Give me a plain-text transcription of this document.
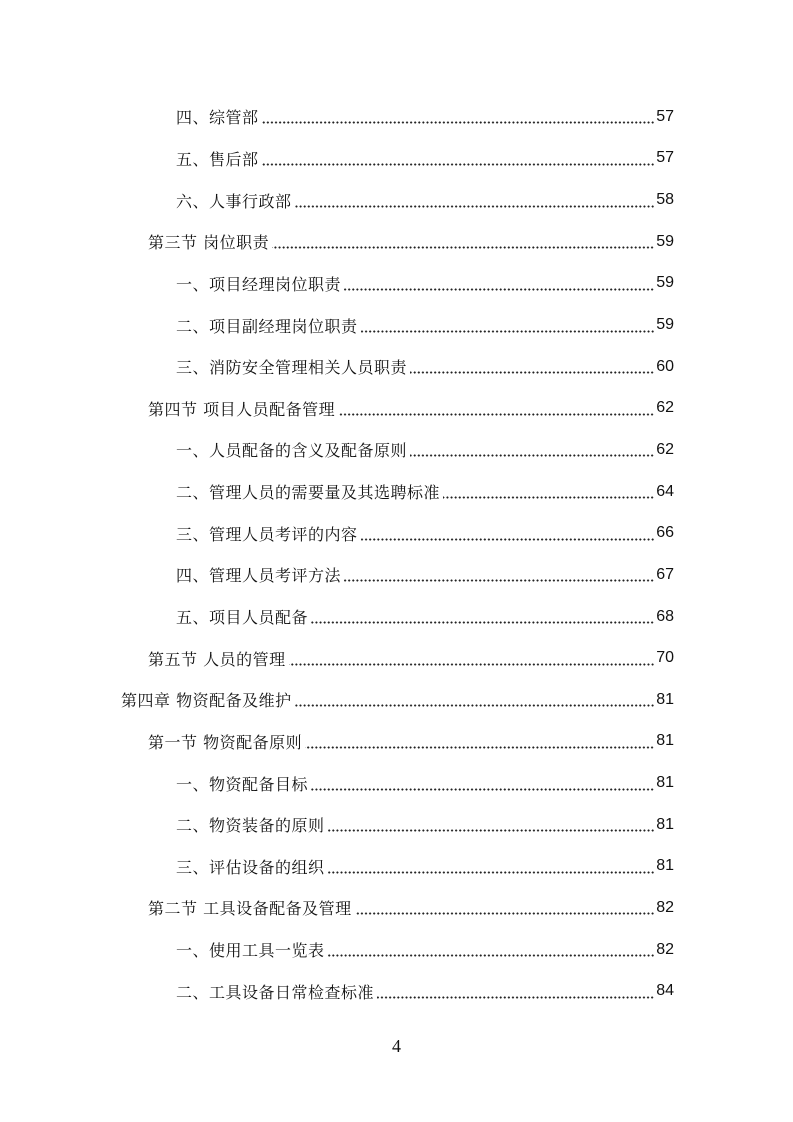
四、综管部	57
五、售后部	57
六、人事行政部	58
第三节 岗位职责	59
一、项目经理岗位职责	59
二、项目副经理岗位职责	59
三、消防安全管理相关人员职责	60
第四节 项目人员配备管理	62
一、人员配备的含义及配备原则	62
二、管理人员的需要量及其选聘标准	64
三、管理人员考评的内容	66
四、管理人员考评方法	67
五、项目人员配备	68
第五节 人员的管理	70
第四章 物资配备及维护	81
第一节 物资配备原则	81
一、物资配备目标	81
二、物资装备的原则	81
三、评估设备的组织	81
第二节 工具设备配备及管理	82
一、使用工具一览表	82
二、工具设备日常检查标准	84
4
